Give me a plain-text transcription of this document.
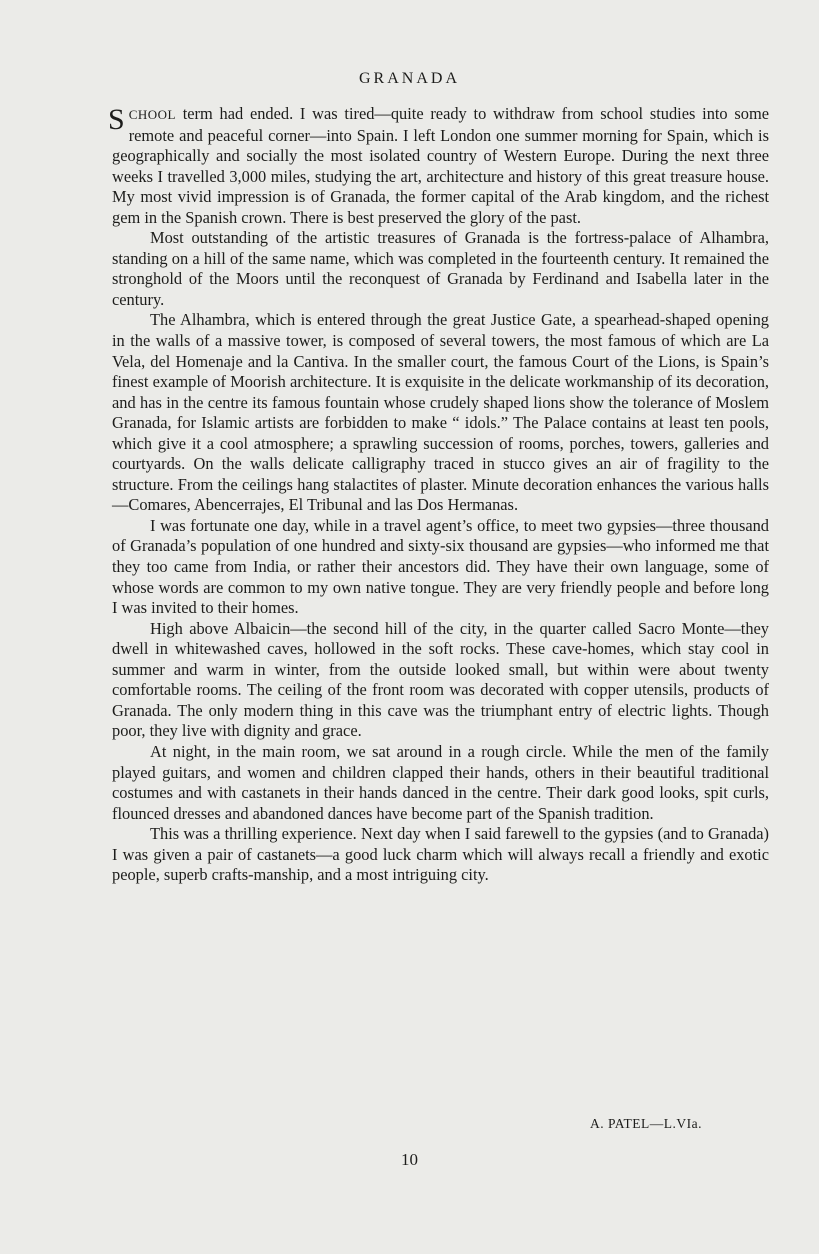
GRANADA

SCHOOL term had ended. I was tired—quite ready to withdraw from school studies into some remote and peaceful corner—into Spain. I left London one summer morning for Spain, which is geographically and socially the most isolated country of Western Europe. During the next three weeks I travelled 3,000 miles, studying the art, architecture and history of this great treasure house. My most vivid impression is of Granada, the former capital of the Arab kingdom, and the richest gem in the Spanish crown. There is best preserved the glory of the past.

Most outstanding of the artistic treasures of Granada is the fortress-palace of Alhambra, standing on a hill of the same name, which was completed in the fourteenth century. It remained the stronghold of the Moors until the reconquest of Granada by Ferdinand and Isabella later in the century.

The Alhambra, which is entered through the great Justice Gate, a spearhead-shaped opening in the walls of a massive tower, is composed of several towers, the most famous of which are La Vela, del Homenaje and la Cantiva. In the smaller court, the famous Court of the Lions, is Spain’s finest example of Moorish architecture. It is exquisite in the delicate workmanship of its decoration, and has in the centre its famous fountain whose crudely shaped lions show the tolerance of Moslem Granada, for Islamic artists are forbidden to make “ idols.” The Palace contains at least ten pools, which give it a cool atmosphere; a sprawling succession of rooms, porches, towers, galleries and courtyards. On the walls delicate calligraphy traced in stucco gives an air of fragility to the structure. From the ceilings hang stalactites of plaster. Minute decoration enhances the various halls—Comares, Abencerrajes, El Tribunal and las Dos Hermanas.

I was fortunate one day, while in a travel agent’s office, to meet two gypsies—three thousand of Granada’s population of one hundred and sixty-six thousand are gypsies—who informed me that they too came from India, or rather their ancestors did. They have their own language, some of whose words are common to my own native tongue. They are very friendly people and before long I was invited to their homes.

High above Albaicin—the second hill of the city, in the quarter called Sacro Monte—they dwell in whitewashed caves, hollowed in the soft rocks. These cave-homes, which stay cool in summer and warm in winter, from the outside looked small, but within were about twenty comfortable rooms. The ceiling of the front room was decorated with copper utensils, products of Granada. The only modern thing in this cave was the triumphant entry of electric lights. Though poor, they live with dignity and grace.

At night, in the main room, we sat around in a rough circle. While the men of the family played guitars, and women and children clapped their hands, others in their beautiful traditional costumes and with castanets in their hands danced in the centre. Their dark good looks, spit curls, flounced dresses and abandoned dances have become part of the Spanish tradition.

This was a thrilling experience. Next day when I said farewell to the gypsies (and to Granada) I was given a pair of castanets—a good luck charm which will always recall a friendly and exotic people, superb crafts-manship, and a most intriguing city.

A. PATEL—L.VIa.

10
